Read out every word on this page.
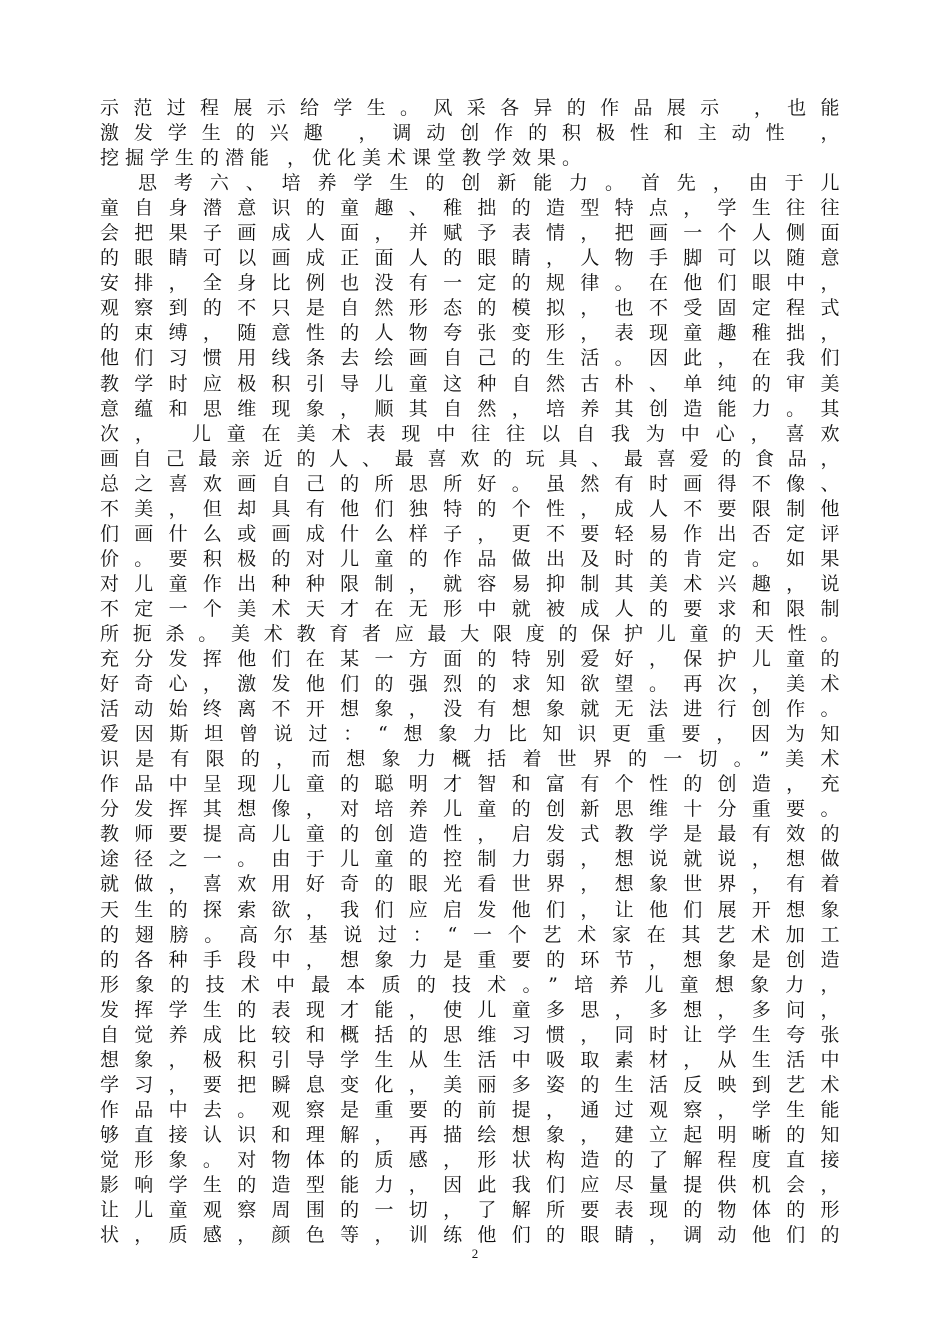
示范过程展示给学生。风采各异的作品展示 ，也能
激发学生的兴趣 ，调动创作的积极性和主动性 ，
挖掘学生的潜能 ，优化美术课堂教学效果。
思考六、培养学生的创新能力。首先，由于儿
童自身潜意识的童趣、稚拙的造型特点，学生往往
会把果子画成人面，并赋予表情，把画一个人侧面
的眼睛可以画成正面人的眼睛，人物手脚可以随意
安排，全身比例也没有一定的规律。在他们眼中，
观察到的不只是自然形态的模拟，也不受固定程式
的束缚，随意性的人物夸张变形，表现童趣稚拙，
他们习惯用线条去绘画自己的生活。因此，在我们
教学时应极积引导儿童这种自然古朴、单纯的审美
意蕴和思维现象，顺其自然，培养其创造能力。其
次， 儿童在美术表现中往往以自我为中心，喜欢
画自己最亲近的人、最喜欢的玩具、最喜爱的食品，
总之喜欢画自己的所思所好。虽然有时画得不像、
不美，但却具有他们独特的个性，成人不要限制他
们画什么或画成什么样子，更不要轻易作出否定评
价。要积极的对儿童的作品做出及时的肯定。如果
对儿童作出种种限制，就容易抑制其美术兴趣，说
不定一个美术天才在无形中就被成人的要求和限制
所扼杀。美术教育者应最大限度的保护儿童的天性。
充分发挥他们在某一方面的特别爱好，保护儿童的
好奇心，激发他们的强烈的求知欲望。再次，美术
活动始终离不开想象，没有想象就无法进行创作。
爱因斯坦曾说过：“想象力比知识更重要，因为知
识是有限的，而想象力概括着世界的一切。”美术
作品中呈现儿童的聪明才智和富有个性的创造，充
分发挥其想像，对培养儿童的创新思维十分重要。
教师要提高儿童的创造性，启发式教学是最有效的
途径之一。由于儿童的控制力弱，想说就说，想做
就做，喜欢用好奇的眼光看世界，想象世界，有着
天生的探索欲，我们应启发他们，让他们展开想象
的翅膀。高尔基说过：“一个艺术家在其艺术加工
的各种手段中，想象力是重要的环节，想象是创造
形象的技术中最本质的技术。”培养儿童想象力，
发挥学生的表现才能，使儿童多思，多想，多问，
自觉养成比较和概括的思维习惯，同时让学生夸张
想象，极积引导学生从生活中吸取素材，从生活中
学习，要把瞬息变化，美丽多姿的生活反映到艺术
作品中去。观察是重要的前提，通过观察，学生能
够直接认识和理解，再描绘想象，建立起明晰的知
觉形象。对物体的质感，形状构造的了解程度直接
影响学生的造型能力，因此我们应尽量提供机会，
让儿童观察周围的一切，了解所要表现的物体的形
状，质感，颜色等，训练他们的眼睛，调动他们的
2
